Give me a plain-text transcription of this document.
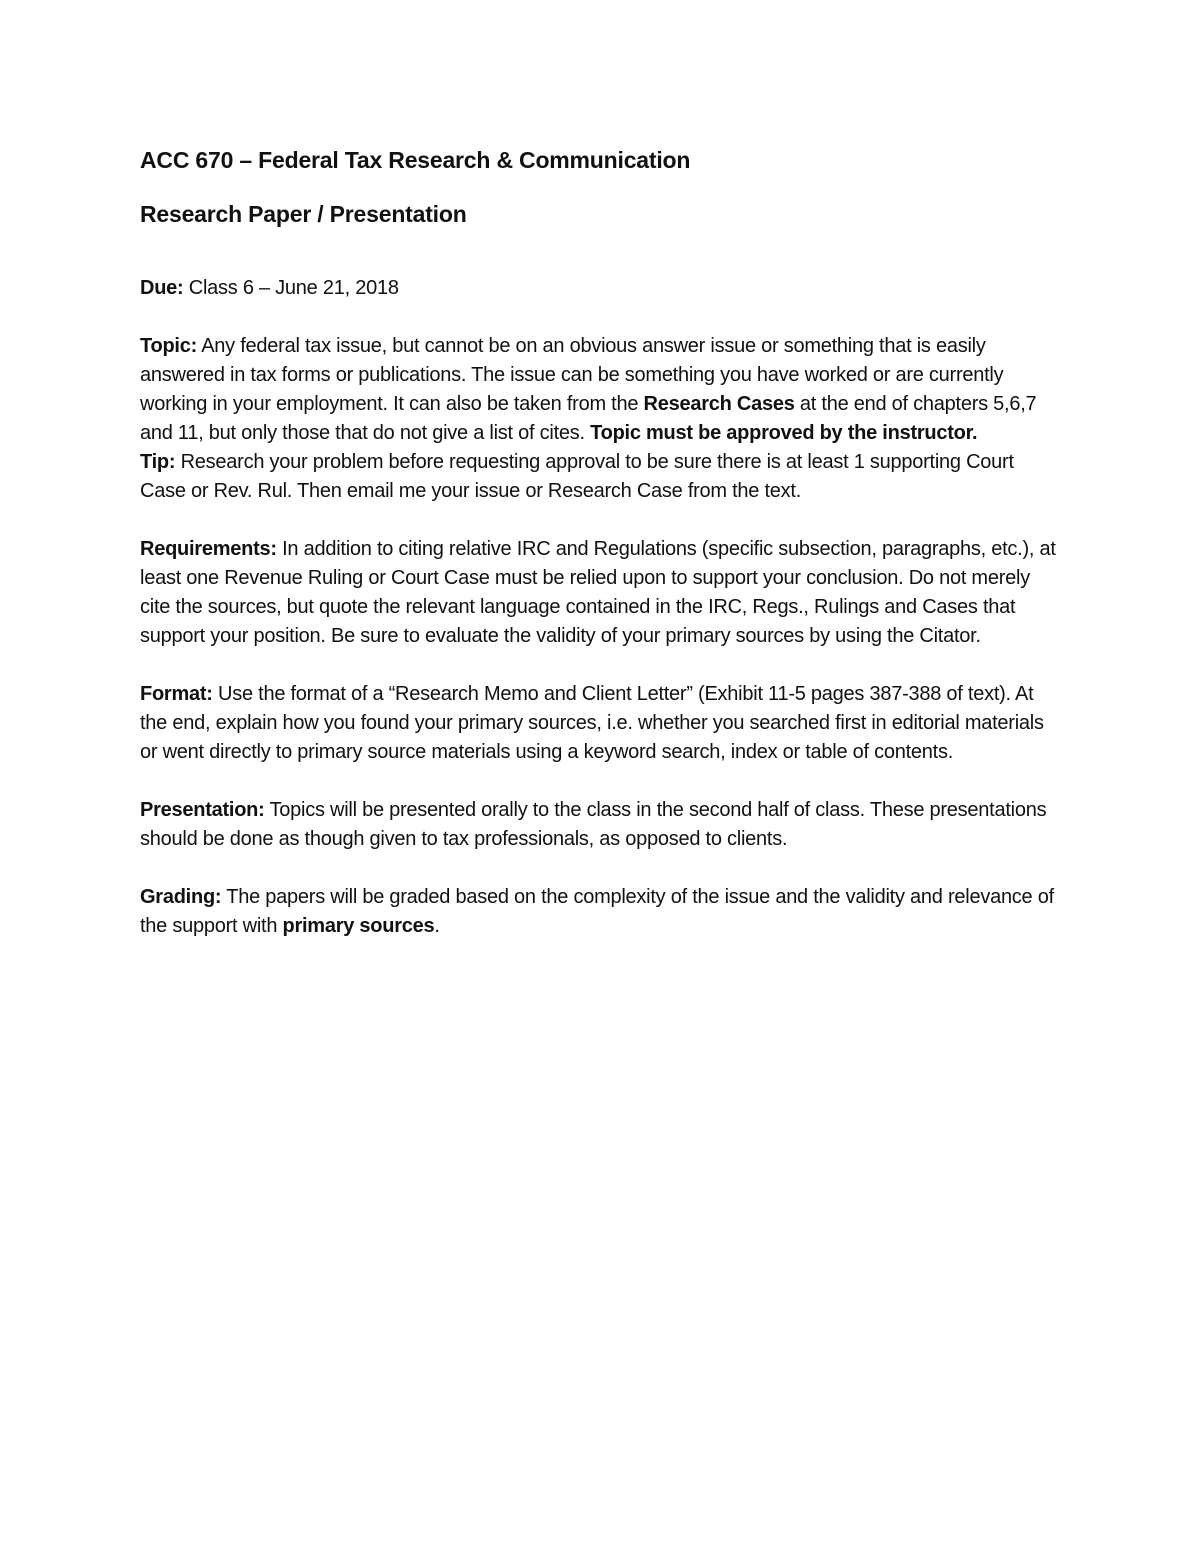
ACC 670 – Federal Tax Research & Communication

Research Paper / Presentation

Due: Class 6 – June 21, 2018

Topic: Any federal tax issue, but cannot be on an obvious answer issue or something that is easily answered in tax forms or publications. The issue can be something you have worked or are currently working in your employment. It can also be taken from the Research Cases at the end of chapters 5,6,7 and 11, but only those that do not give a list of cites. Topic must be approved by the instructor.

Tip: Research your problem before requesting approval to be sure there is at least 1 supporting Court Case or Rev. Rul. Then email me your issue or Research Case from the text.

Requirements: In addition to citing relative IRC and Regulations (specific subsection, paragraphs, etc.), at least one Revenue Ruling or Court Case must be relied upon to support your conclusion. Do not merely cite the sources, but quote the relevant language contained in the IRC, Regs., Rulings and Cases that support your position. Be sure to evaluate the validity of your primary sources by using the Citator.

Format: Use the format of a “Research Memo and Client Letter” (Exhibit 11-5 pages 387-388 of text). At the end, explain how you found your primary sources, i.e. whether you searched first in editorial materials or went directly to primary source materials using a keyword search, index or table of contents.

Presentation: Topics will be presented orally to the class in the second half of class. These presentations should be done as though given to tax professionals, as opposed to clients.

Grading: The papers will be graded based on the complexity of the issue and the validity and relevance of the support with primary sources.
